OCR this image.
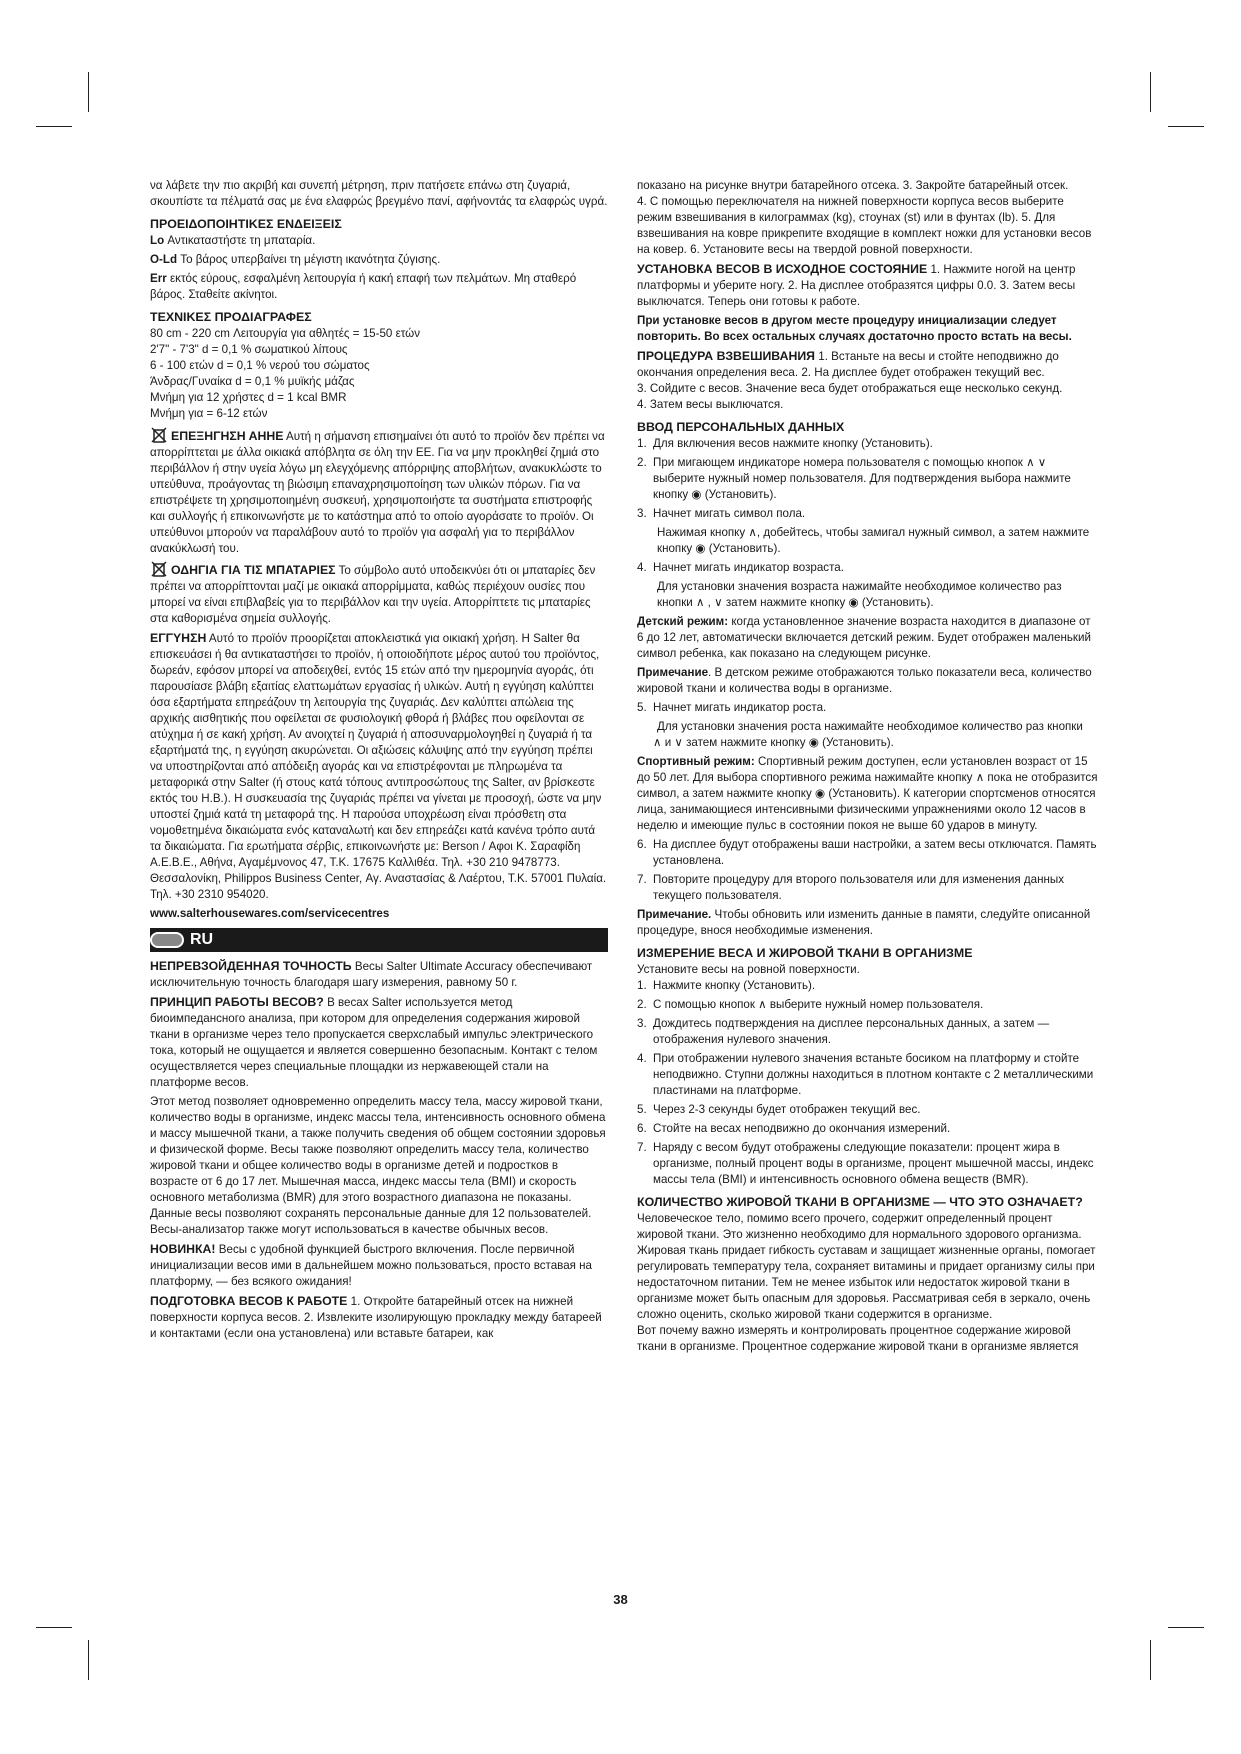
να λάβετε την πιο ακριβή και συνεπή μέτρηση, πριν πατήσετε επάνω στη ζυγαριά, σκουπίστε τα πέλματά σας με ένα ελαφρώς βρεγμένο πανί, αφήνοντάς τα ελαφρώς υγρά.

ΠΡΟΕΙΔΟΠΟΙΗΤΙΚΕΣ ΕΝΔΕΙΞΕΙΣ

Lo Αντικαταστήστε τη μπαταρία.

O-Ld Το βάρος υπερβαίνει τη μέγιστη ικανότητα ζύγισης.

Err εκτός εύρους, εσφαλμένη λειτουργία ή κακή επαφή των πελμάτων. Μη σταθερό βάρος. Σταθείτε ακίνητοι.

ΤΕΧΝΙΚΕΣ ΠΡΟΔΙΑΓΡΑΦΕΣ
80 cm - 220 cm Λειτουργία για αθλητές = 15-50 ετών
2'7" - 7'3" d = 0,1 % σωματικού λίπους
6 - 100 ετών d = 0,1 % νερού του σώματος
Άνδρας/Γυναίκα d = 0,1 % μυϊκής μάζας
Μνήμη για 12 χρήστες d = 1 kcal BMR
Μνήμη για = 6-12 ετών

ΕΠΕΞΗΓΗΣΗ ΑΗΗΕ Αυτή η σήμανση επισημαίνει ότι αυτό το προϊόν δεν πρέπει να απορρίπτεται με άλλα οικιακά απόβλητα σε όλη την ΕΕ. Για να μην προκληθεί ζημιά στο περιβάλλον ή στην υγεία λόγω μη ελεγχόμενης απόρριψης αποβλήτων, ανακυκλώστε το υπεύθυνα, προάγοντας τη βιώσιμη επαναχρησιμοποίηση των υλικών πόρων. Για να επιστρέψετε τη χρησιμοποιημένη συσκευή, χρησιμοποιήστε τα συστήματα επιστροφής και συλλογής ή επικοινωνήστε με το κατάστημα από το οποίο αγοράσατε το προϊόν. Οι υπεύθυνοι μπορούν να παραλάβουν αυτό το προϊόν για ασφαλή για το περιβάλλον ανακύκλωσή του.

ΟΔΗΓΙΑ ΓΙΑ ΤΙΣ ΜΠΑΤΑΡΙΕΣ Το σύμβολο αυτό υποδεικνύει ότι οι μπαταρίες δεν πρέπει να απορρίπτονται μαζί με οικιακά απορρίμματα, καθώς περιέχουν ουσίες που μπορεί να είναι επιβλαβείς για το περιβάλλον και την υγεία. Απορρίπτετε τις μπαταρίες στα καθορισμένα σημεία συλλογής.

ΕΓΓΥΗΣΗ Αυτό το προϊόν προορίζεται αποκλειστικά για οικιακή χρήση. Η Salter θα επισκευάσει ή θα αντικαταστήσει το προϊόν, ή οποιοδήποτε μέρος αυτού του προϊόντος, δωρεάν, εφόσον μπορεί να αποδειχθεί, εντός 15 ετών από την ημερομηνία αγοράς, ότι παρουσίασε βλάβη εξαιτίας ελαττωμάτων εργασίας ή υλικών. Αυτή η εγγύηση καλύπτει όσα εξαρτήματα επηρεάζουν τη λειτουργία της ζυγαριάς. Δεν καλύπτει απώλεια της αρχικής αισθητικής που οφείλεται σε φυσιολογική φθορά ή βλάβες που οφείλονται σε ατύχημα ή σε κακή χρήση. Αν ανοιχτεί η ζυγαριά ή αποσυναρμολογηθεί η ζυγαριά ή τα εξαρτήματά της, η εγγύηση ακυρώνεται. Οι αξιώσεις κάλυψης από την εγγύηση πρέπει να υποστηρίζονται από απόδειξη αγοράς και να επιστρέφονται με πληρωμένα τα μεταφορικά στην Salter (ή στους κατά τόπους αντιπροσώπους της Salter, αν βρίσκεστε εκτός του Η.Β.). Η συσκευασία της ζυγαριάς πρέπει να γίνεται με προσοχή, ώστε να μην υποστεί ζημιά κατά τη μεταφορά της. Η παρούσα υποχρέωση είναι πρόσθετη στα νομοθετημένα δικαιώματα ενός καταναλωτή και δεν επηρεάζει κατά κανένα τρόπο αυτά τα δικαιώματα. Για ερωτήματα σέρβις, επικοινωνήστε με: Berson / Αφοι Κ. Σαραφίδη Α.Ε.Β.Ε., Αθήνα, Αγαμέμνονος 47, Τ.Κ. 17675 Καλλιθέα. Τηλ. +30 210 9478773. Θεσσαλονίκη, Philippos Business Center, Αγ. Αναστασίας & Λαέρτου, Τ.Κ. 57001 Πυλαία. Τηλ. +30 2310 954020.

www.salterhousewares.com/servicecentres

RU

НЕПРЕВЗОЙДЕННАЯ ТОЧНОСТЬ Весы Salter Ultimate Accuracy обеспечивают исключительную точность благодаря шагу измерения, равному 50 г.

ПРИНЦИП РАБОТЫ ВЕСОВ? В весах Salter используется метод биоимпедансного анализа, при котором для определения содержания жировой ткани в организме через тело пропускается сверхслабый импульс электрического тока, который не ощущается и является совершенно безопасным. Контакт с телом осуществляется через специальные площадки из нержавеющей стали на платформе весов.

Этот метод позволяет одновременно определить массу тела, массу жировой ткани, количество воды в организме, индекс массы тела, интенсивность основного обмена и массу мышечной ткани, а также получить сведения об общем состоянии здоровья и физической форме. Весы также позволяют определить массу тела, количество жировой ткани и общее количество воды в организме детей и подростков в возрасте от 6 до 17 лет. Мышечная масса, индекс массы тела (BMI) и скорость основного метаболизма (BMR) для этого возрастного диапазона не показаны. Данные весы позволяют сохранять персональные данные для 12 пользователей. Весы-анализатор также могут использоваться в качестве обычных весов.

НОВИНКА! Весы с удобной функцией быстрого включения. После первичной инициализации весов ими в дальнейшем можно пользоваться, просто вставая на платформу, — без всякого ожидания!

ПОДГОТОВКА ВЕСОВ К РАБОТЕ 1. Откройте батарейный отсек на нижней поверхности корпуса весов. 2. Извлеките изолирующую прокладку между батареей и контактами (если она установлена) или вставьте батареи, как

показано на рисунке внутри батарейного отсека. 3. Закройте батарейный отсек.

4. С помощью переключателя на нижней поверхности корпуса весов выберите режим взвешивания в килограммах (kg), стоунах (st) или в фунтах (lb). 5. Для взвешивания на ковре прикрепите входящие в комплект ножки для установки весов на ковер. 6. Установите весы на твердой ровной поверхности.

УСТАНОВКА ВЕСОВ В ИСХОДНОЕ СОСТОЯНИЕ 1. Нажмите ногой на центр платформы и уберите ногу. 2. На дисплее отобразятся цифры 0.0. 3. Затем весы выключатся. Теперь они готовы к работе.

При установке весов в другом месте процедуру инициализации следует повторить. Во всех остальных случаях достаточно просто встать на весы.

ПРОЦЕДУРА ВЗВЕШИВАНИЯ 1. Встаньте на весы и стойте неподвижно до окончания определения веса. 2. На дисплее будет отображен текущий вес.

3. Сойдите с весов. Значение веса будет отображаться еще несколько секунд.

4. Затем весы выключатся.

ВВОД ПЕРСОНАЛЬНЫХ ДАННЫХ
1. Для включения весов нажмите кнопку (Установить).
2. При мигающем индикаторе номера пользователя с помощью кнопок ∧ ∨ выберите нужный номер пользователя. Для подтверждения выбора нажмите кнопку ◉ (Установить).
3. Начнет мигать символ пола.
Нажимая кнопку ∧, добейтесь, чтобы замигал нужный символ, а затем нажмите кнопку ◉ (Установить).
4. Начнет мигать индикатор возраста.
Для установки значения возраста нажимайте необходимое количество раз кнопки ∧ , ∨ затем нажмите кнопку ◉ (Установить).

Детский режим: когда установленное значение возраста находится в диапазоне от 6 до 12 лет, автоматически включается детский режим. Будет отображен маленький символ ребенка, как показано на следующем рисунке.

Примечание. В детском режиме отображаются только показатели веса, количество жировой ткани и количества воды в организме.

5. Начнет мигать индикатор роста.
Для установки значения роста нажимайте необходимое количество раз кнопки
∧ и ∨ затем нажмите кнопку ◉ (Установить).

Спортивный режим: Спортивный режим доступен, если установлен возраст от 15 до 50 лет. Для выбора спортивного режима нажимайте кнопку ∧ пока не отобразится символ, а затем нажмите кнопку ◉ (Установить). К категории спортсменов относятся лица, занимающиеся интенсивными физическими упражнениями около 12 часов в неделю и имеющие пульс в состоянии покоя не выше 60 ударов в минуту.

6. На дисплее будут отображены ваши настройки, а затем весы отключатся. Память установлена.
7. Повторите процедуру для второго пользователя или для изменения данных текущего пользователя.

Примечание. Чтобы обновить или изменить данные в памяти, следуйте описанной процедуре, внося необходимые изменения.

ИЗМЕРЕНИЕ ВЕСА И ЖИРОВОЙ ТКАНИ В ОРГАНИЗМЕ

Установите весы на ровной поверхности.

1. Нажмите кнопку (Установить).
2. С помощью кнопок ∧ выберите нужный номер пользователя.
3. Дождитесь подтверждения на дисплее персональных данных, а затем — отображения нулевого значения.
4. При отображении нулевого значения встаньте босиком на платформу и стойте неподвижно. Ступни должны находиться в плотном контакте с 2 металлическими пластинами на платформе.
5. Через 2-3 секунды будет отображен текущий вес.
6. Стойте на весах неподвижно до окончания измерений.
7. Наряду с весом будут отображены следующие показатели: процент жира в организме, полный процент воды в организме, процент мышечной массы, индекс массы тела (BMI) и интенсивность основного обмена веществ (BMR).
КОЛИЧЕСТВО ЖИРОВОЙ ТКАНИ В ОРГАНИЗМЕ — ЧТО ЭТО ОЗНАЧАЕТ?

Человеческое тело, помимо всего прочего, содержит определенный процент жировой ткани. Это жизненно необходимо для нормального здорового организма. Жировая ткань придает гибкость суставам и защищает жизненные органы, помогает регулировать температуру тела, сохраняет витамины и придает организму силы при недостаточном питании. Тем не менее избыток или недостаток жировой ткани в организме может быть опасным для здоровья. Рассматривая себя в зеркало, очень сложно оценить, сколько жировой ткани содержится в организме.

Вот почему важно измерять и контролировать процентное содержание жировой ткани в организме. Процентное содержание жировой ткани в организме является

38
